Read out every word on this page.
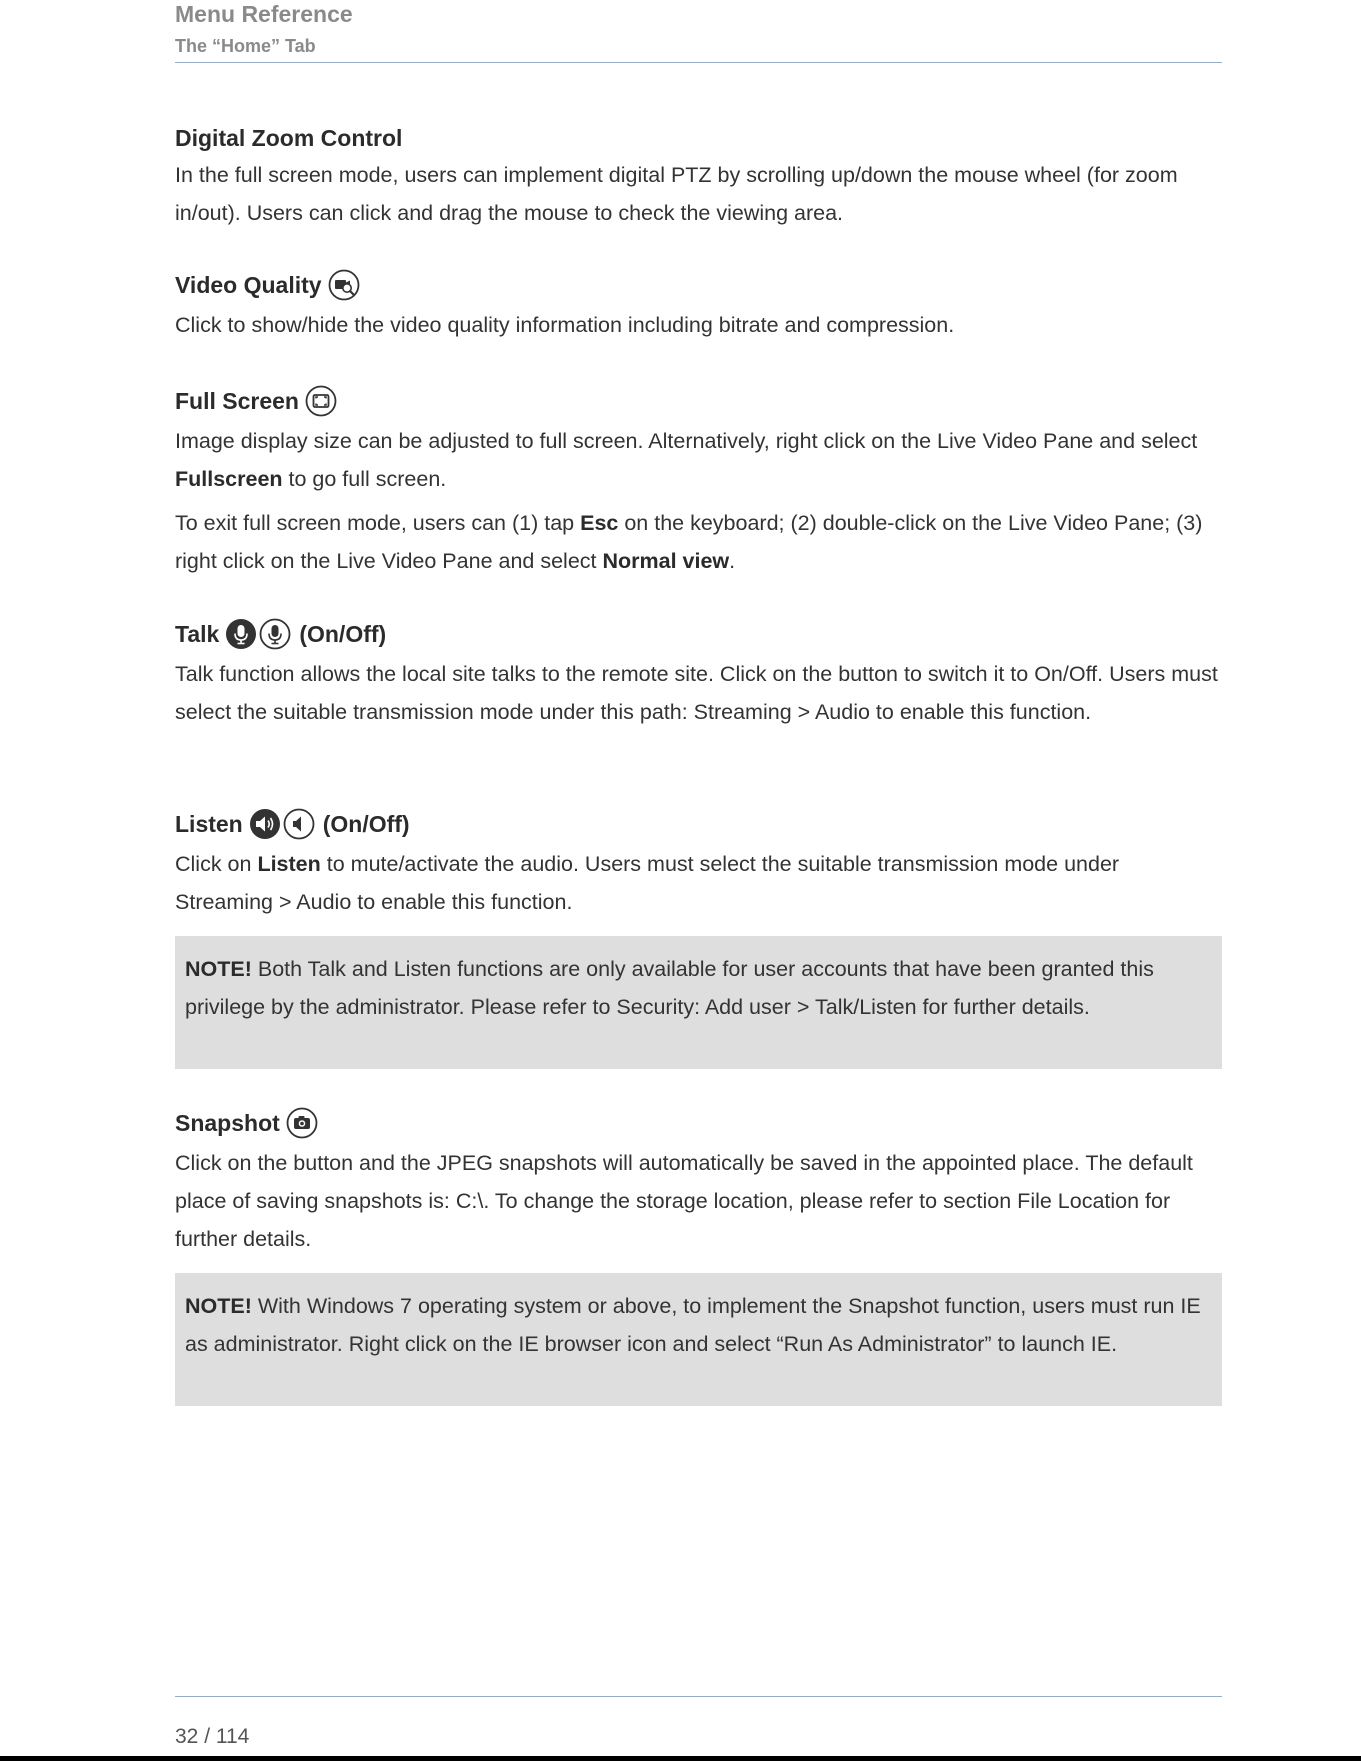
Menu Reference
The “Home” Tab
Digital Zoom Control

In the full screen mode, users can implement digital PTZ by scrolling up/down the mouse wheel (for zoom in/out). Users can click and drag the mouse to check the viewing area.

Video Quality

Click to show/hide the video quality information including bitrate and compression.

Full Screen

Image display size can be adjusted to full screen. Alternatively, right click on the Live Video Pane and select Fullscreen to go full screen.

To exit full screen mode, users can (1) tap Esc on the keyboard; (2) double-click on the Live Video Pane; (3) right click on the Live Video Pane and select Normal view.

Talk	(On/Off)

Talk function allows the local site talks to the remote site. Click on the button to switch it to On/Off. Users must select the suitable transmission mode under this path: Streaming > Audio to enable this function.

Listen	(On/Off)

Click on Listen to mute/activate the audio. Users must select the suitable transmission mode under Streaming > Audio to enable this function.

NOTE! Both Talk and Listen functions are only available for user accounts that have been granted this privilege by the administrator. Please refer to Security: Add user > Talk/Listen for further details.

Snapshot

Click on the button and the JPEG snapshots will automatically be saved in the appointed place. The default place of saving snapshots is: C:\. To change the storage location, please refer to section File Location for further details.

NOTE! With Windows 7 operating system or above, to implement the Snapshot function, users must run IE as administrator. Right click on the IE browser icon and select “Run As Administrator” to launch IE.

32 / 114
